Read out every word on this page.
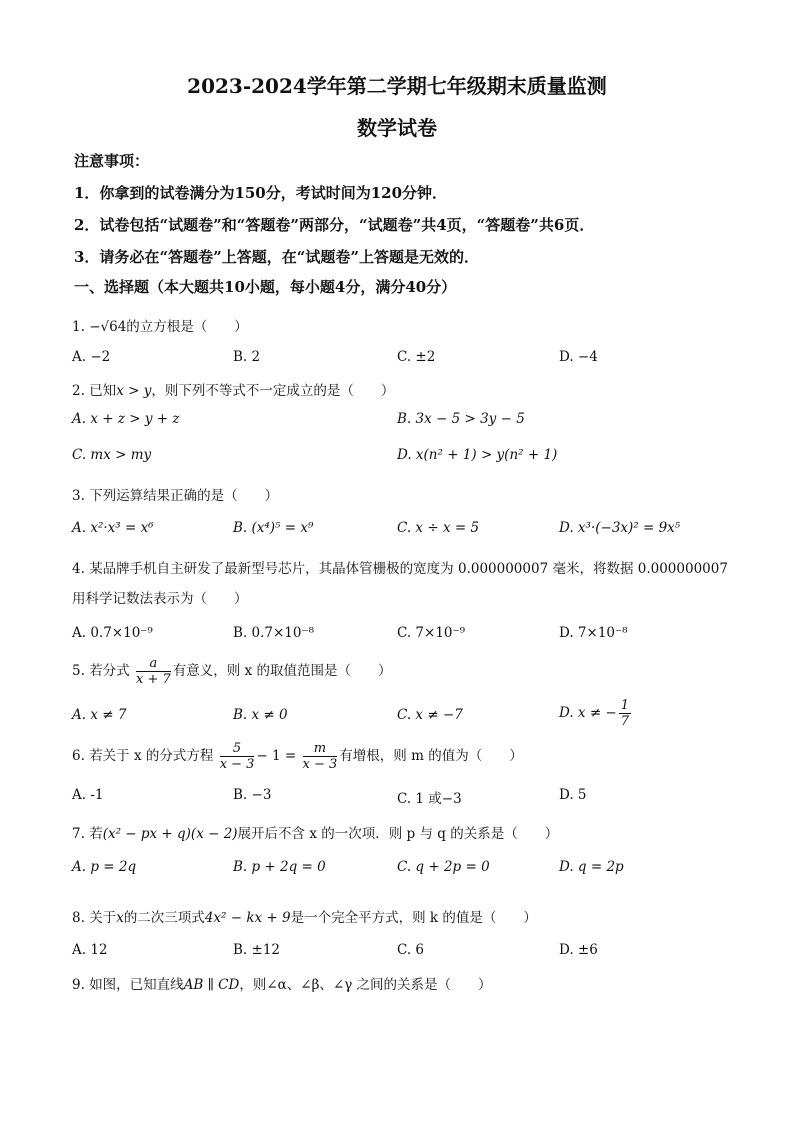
2023-2024学年第二学期七年级期末质量监测
数学试卷
注意事项：
1．你拿到的试卷满分为150分，考试时间为120分钟．
2．试卷包括“试题卷”和“答题卷”两部分，“试题卷”共4页，“答题卷”共6页．
3．请务必在“答题卷”上答题，在“试题卷”上答题是无效的．
一、选择题（本大题共10小题，每小题4分，满分40分）
1. −√64的立方根是（　　）
A. −2	B. 2	C. ±2	D. −4
2. 已知x > y，则下列不等式不一定成立的是（　　）
A. x + z > y + z	B. 3x − 5 > 3y − 5
C. mx > my	D. x(n² + 1) > y(n² + 1)
3. 下列运算结果正确的是（　　）
A. x²·x³ = x⁶	B. (x⁴)⁵ = x⁹	C. x ÷ x = 5	D. x³·(−3x)² = 9x⁵
4. 某品牌手机自主研发了最新型号芯片，其晶体管栅极的宽度为 0.000000007 毫米，将数据 0.000000007
用科学记数法表示为（　　）
A. 0.7×10⁻⁹	B. 0.7×10⁻⁸	C. 7×10⁻⁹	D. 7×10⁻⁸
5. 若分式 $\frac{a}{x + 7}$ 有意义，则 x 的取值范围是（　　）
A. x ≠ 7	B. x ≠ 0	C. x ≠ −7	D. x ≠ − $\frac{1}{7}$
6. 若关于 x 的分式方程 $\frac{5}{x - 3} - 1 = \frac{m}{x - 3}$ 有增根，则 m 的值为（　　）
A. -1	B. −3	C. 1 或−3	D. 5
7. 若(x² − px + q)(x − 2)展开后不含 x 的一次项．则 p 与 q 的关系是（　　）
A. p = 2q	B. p + 2q = 0	C. q + 2p = 0	D. q = 2p
8. 关于x的二次三项式4x² − kx + 9是一个完全平方式，则 k 的值是（　　）
A. 12	B. ±12	C. 6	D. ±6
9. 如图，已知直线AB ∥ CD，则∠α、∠β、∠γ 之间的关系是（　　）
